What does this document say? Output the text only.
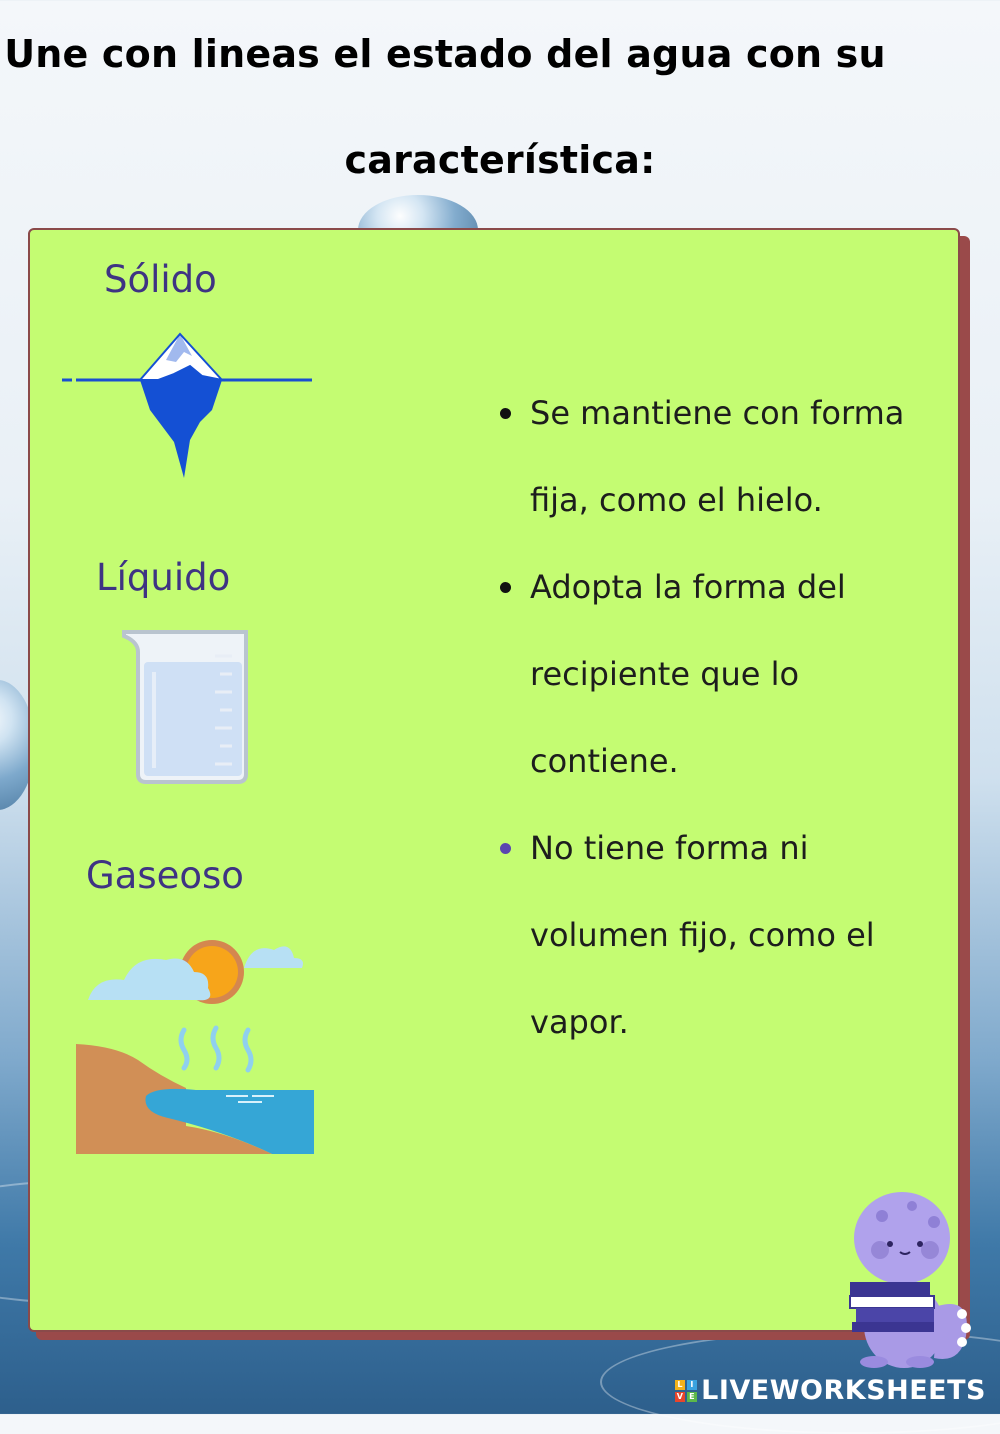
Une con lineas el estado del agua con su
característica:
Sólido
Líquido
Gaseoso
Se mantiene con forma
fija, como el hielo.
Adopta la forma del
recipiente que lo
contiene.
No tiene forma ni
volumen fijo, como el
vapor.
L I
V E LIVEWORKSHEETS
